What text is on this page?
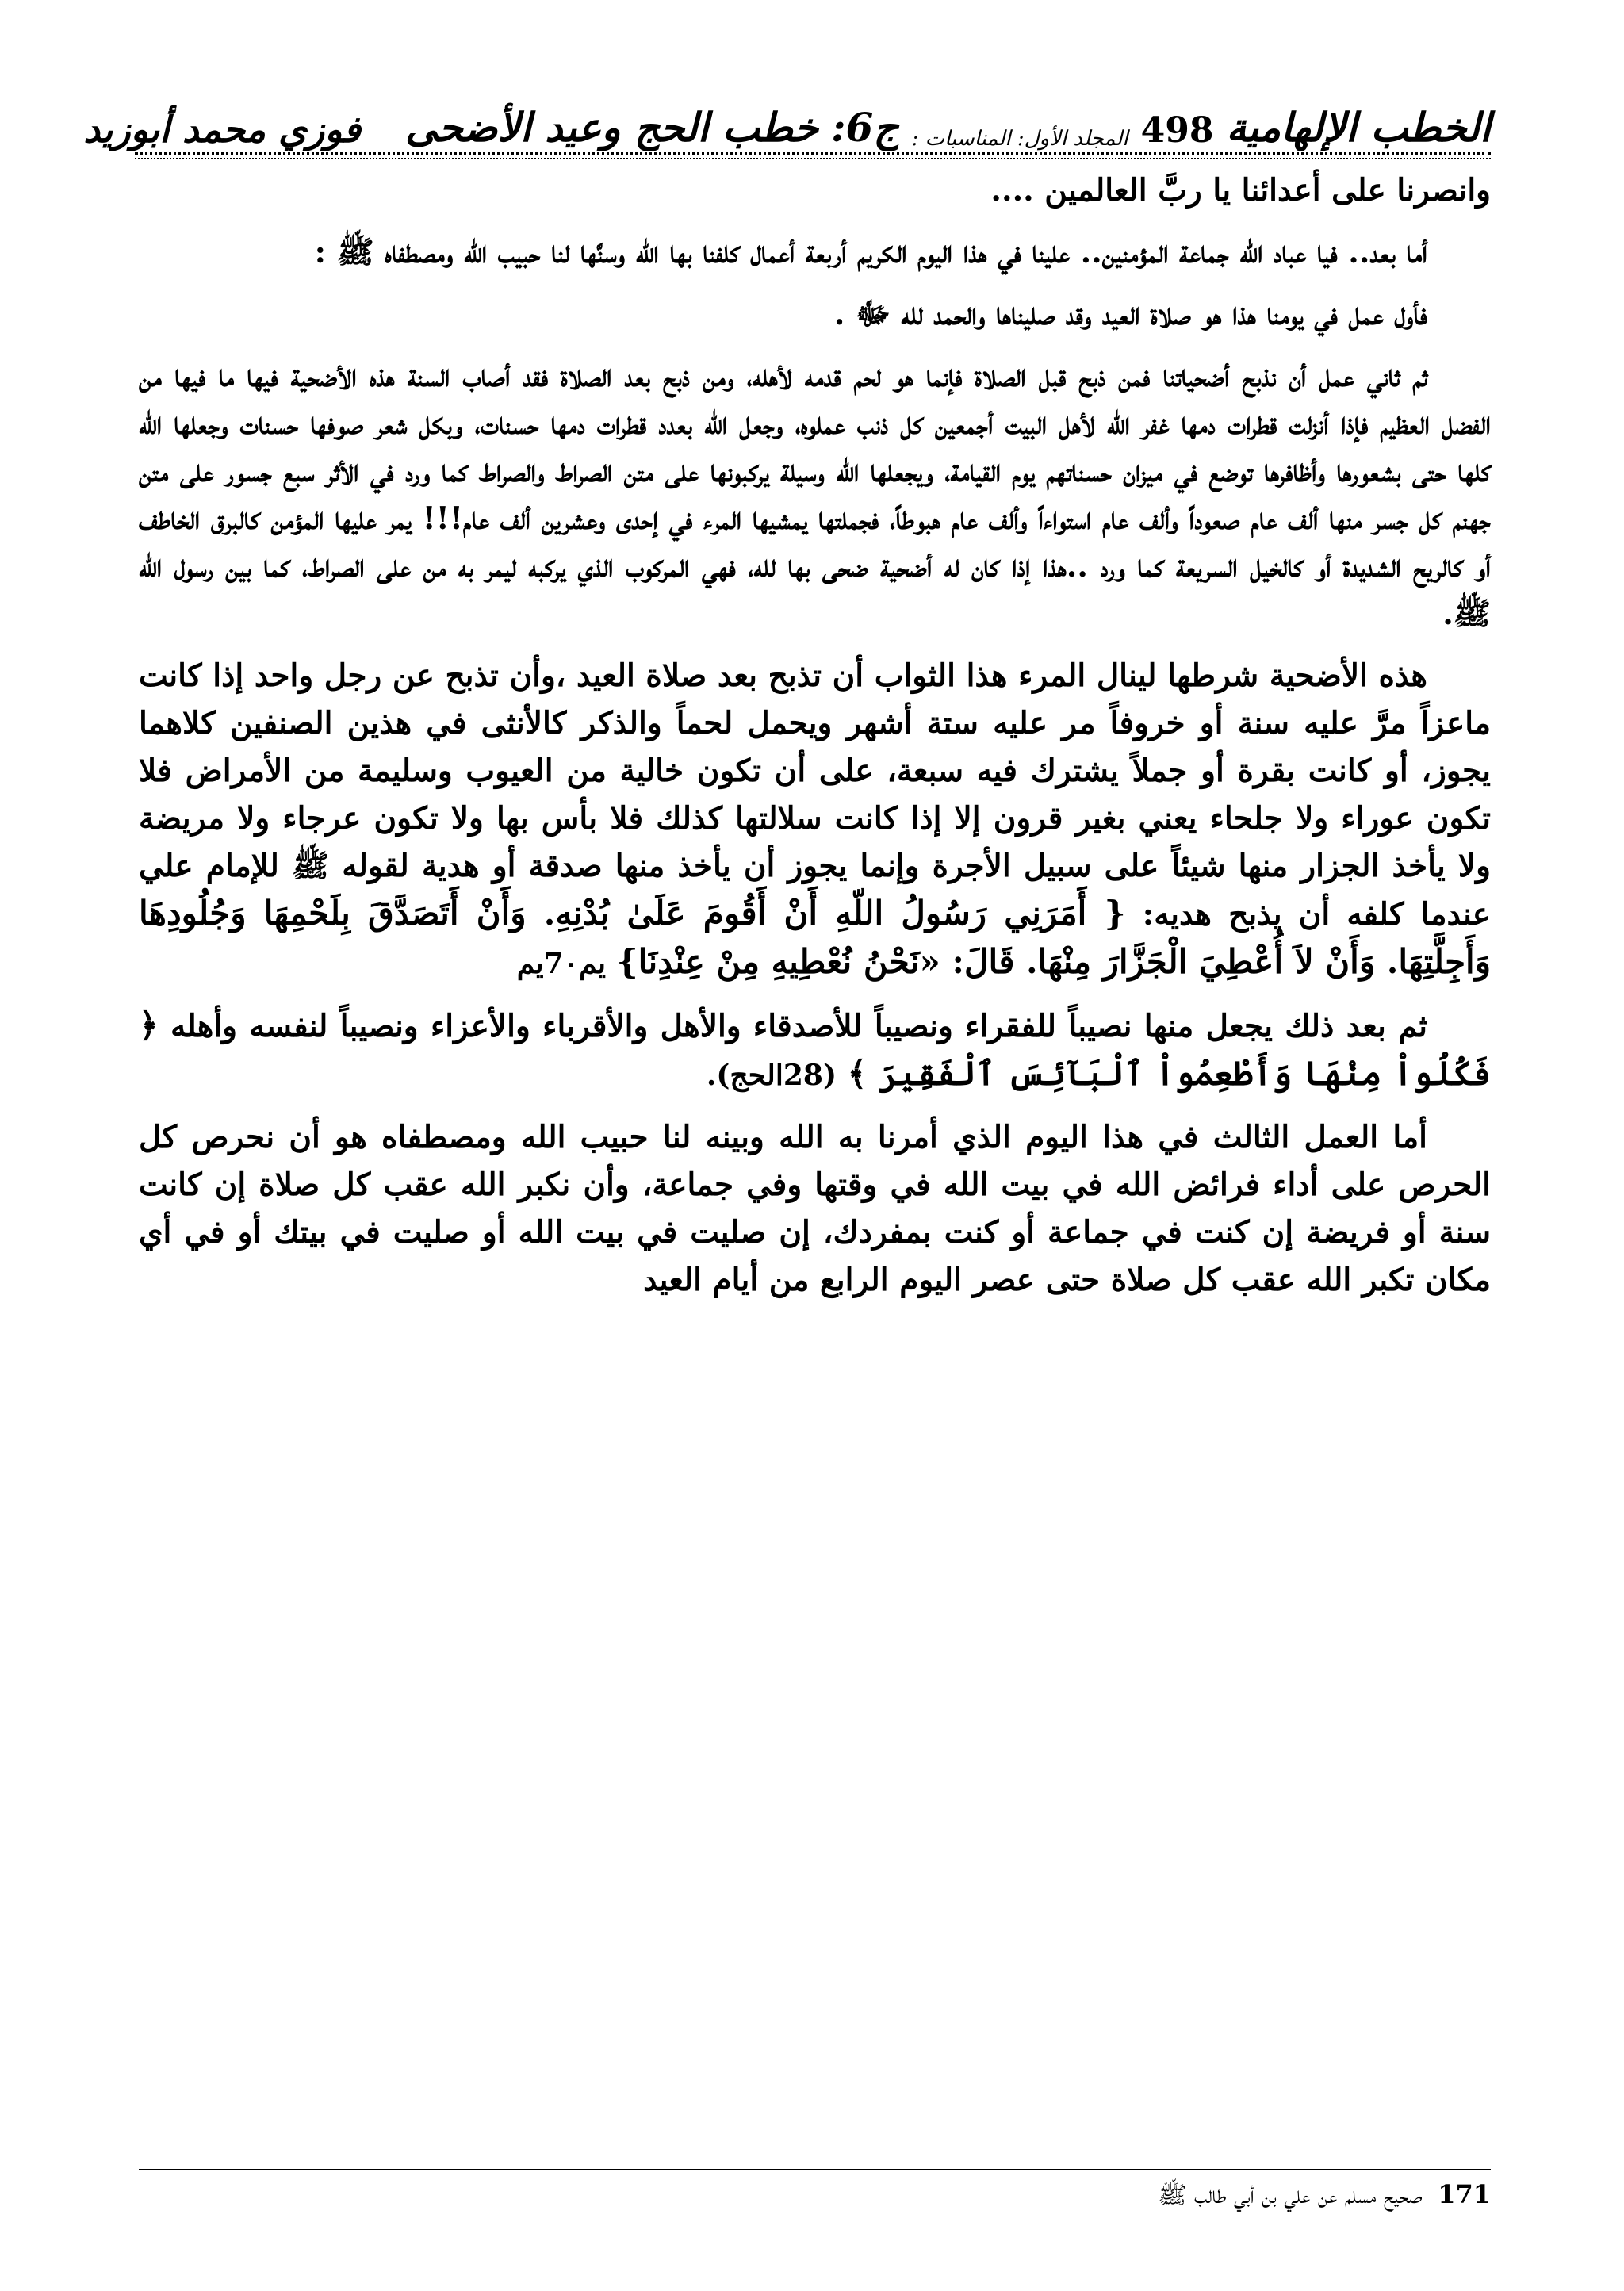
الخطب الإلهامية
498
المجلد الأول: المناسبات :
ج6:
خطب الحج وعيد الأضحى
فوزي محمد أبوزيد

وانصرنا على أعدائنا يا ربَّ العالمين ....

أما بعد.. فيا عباد الله جماعة المؤمنين.. علينا في هذا اليوم الكريم أربعة أعمال كلفنا بها الله وسنَّها لنا حبيب الله ومصطفاه ﷺ :

فأول عمل في يومنا هذا هو صلاة العيد وقد صليناها والحمد لله ﷻ .

ثم ثاني عمل أن نذبح أضحياتنا فمن ذبح قبل الصلاة فإنما هو لحم قدمه لأهله، ومن ذبح بعد الصلاة فقد أصاب السنة هذه الأضحية فيها ما فيها من الفضل العظيم فإذا أنزلت قطرات دمها غفر الله لأهل البيت أجمعين كل ذنب عملوه، وجعل الله بعدد قطرات دمها حسنات، وبكل شعر صوفها حسنات وجعلها الله كلها حتى بشعورها وأظافرها توضع في ميزان حسناتهم يوم القيامة، ويجعلها الله وسيلة يركبونها على متن الصراط والصراط كما ورد في الأثر سبع جسور على متن جهنم كل جسر منها ألف عام صعوداً وألف عام استواءاً وألف عام هبوطاً، فجملتها يمشيها المرء في إحدى وعشرين ألف عام!!! يمر عليها المؤمن كالبرق الخاطف أو كالريح الشديدة أو كالخيل السريعة كما ورد ..هذا إذا كان له أضحية ضحى بها لله، فهي المركوب الذي يركبه ليمر به من على الصراط، كما بين رسول الله ﷺ.

هذه الأضحية شرطها لينال المرء هذا الثواب أن تذبح بعد صلاة العيد ،وأن تذبح عن رجل واحد إذا كانت ماعزاً مرَّ عليه سنة أو خروفاً مر عليه ستة أشهر ويحمل لحماً والذكر كالأنثى في هذين الصنفين كلاهما يجوز، أو كانت بقرة أو جملاً يشترك فيه سبعة، على أن تكون خالية من العيوب وسليمة من الأمراض فلا تكون عوراء ولا جلحاء يعني بغير قرون إلا إذا كانت سلالتها كذلك فلا بأس بها ولا تكون عرجاء ولا مريضة ولا يأخذ الجزار منها شيئاً على سبيل الأجرة وإنما يجوز أن يأخذ منها صدقة أو هدية لقوله ﷺ للإمام علي عندما كلفه أن يذبح هديه: { أَمَرَنِي رَسُولُ اللّهِ أَنْ أَقُومَ عَلَىٰ بُدْنِهِ. وَأَنْ أَتَصَدَّقَ بِلَحْمِهَا وَجُلُودِهَا وَأَجِلَّتِهَا. وَأَنْ لاَ أُعْطِيَ الْجَزَّارَ مِنْهَا. قَالَ: «نَحْنُ نُعْطِيهِ مِنْ عِنْدِنَا} يم7٠يم

ثم بعد ذلك يجعل منها نصيباً للفقراء ونصيباً للأصدقاء والأهل والأقرباء والأعزاء ونصيباً لنفسه وأهله ﴿ فَكُلُواْ مِنْهَا وَأَطْعِمُواْ ٱلْبَآئِسَ ٱلْفَقِيرَ ﴾ (28الحج).

أما العمل الثالث في هذا اليوم الذي أمرنا به الله وبينه لنا حبيب الله ومصطفاه هو أن نحرص كل الحرص على أداء فرائض الله في بيت الله في وقتها وفي جماعة، وأن نكبر الله عقب كل صلاة إن كانت سنة أو فريضة إن كنت في جماعة أو كنت بمفردك، إن صليت في بيت الله أو صليت في بيتك أو في أي مكان تكبر الله عقب كل صلاة حتى عصر اليوم الرابع من أيام العيد

171 صحيح مسلم عن علي بن أبي طالب ﷺ
